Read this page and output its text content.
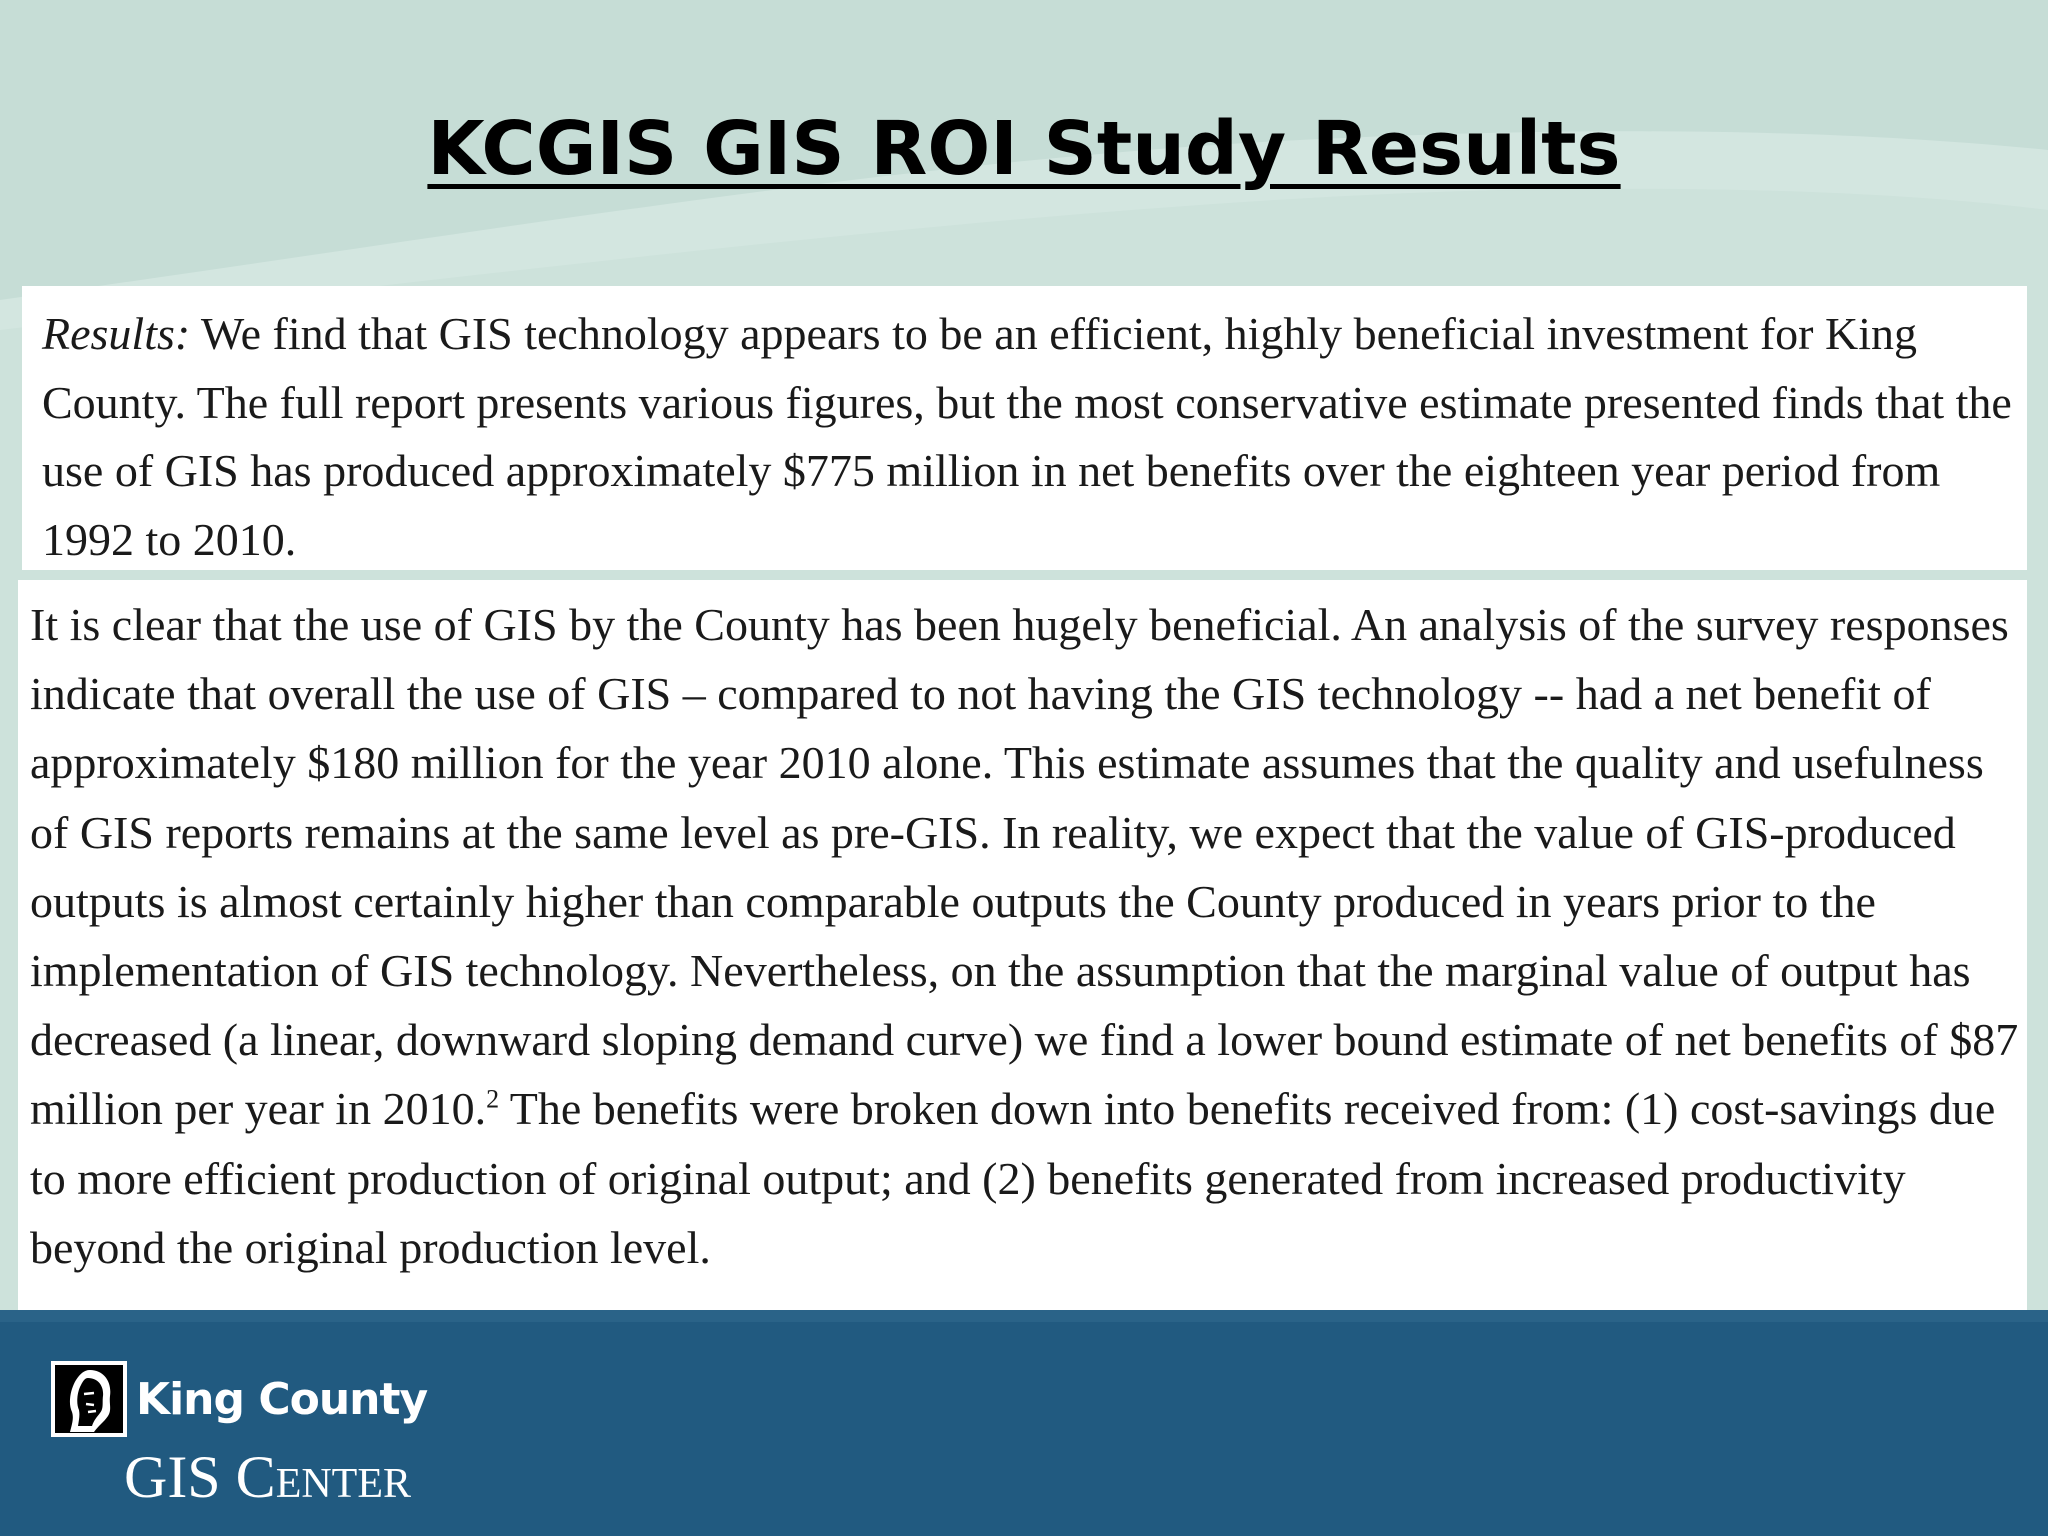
KCGIS GIS ROI Study Results

Results: We find that GIS technology appears to be an efficient, highly beneficial investment for King County. The full report presents various figures, but the most conservative estimate presented finds that the use of GIS has produced approximately $775 million in net benefits over the eighteen year period from 1992 to 2010.

It is clear that the use of GIS by the County has been hugely beneficial. An analysis of the survey responses indicate that overall the use of GIS – compared to not having the GIS technology -- had a net benefit of approximately $180 million for the year 2010 alone. This estimate assumes that the quality and usefulness of GIS reports remains at the same level as pre-GIS. In reality, we expect that the value of GIS-produced outputs is almost certainly higher than comparable outputs the County produced in years prior to the implementation of GIS technology. Nevertheless, on the assumption that the marginal value of output has decreased (a linear, downward sloping demand curve) we find a lower bound estimate of net benefits of $87 million per year in 2010.$^2$ The benefits were broken down into benefits received from: (1) cost-savings due to more efficient production of original output; and (2) benefits generated from increased productivity beyond the original production level.

King County

GIS Center
